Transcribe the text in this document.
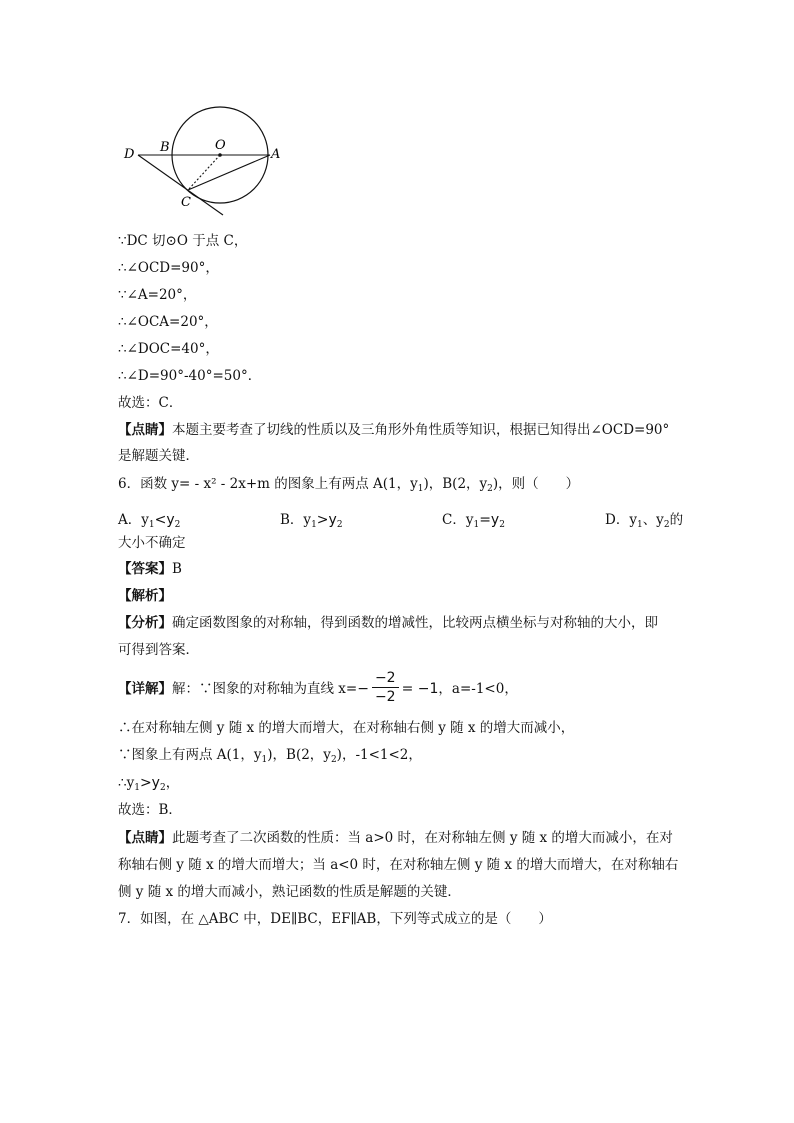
D B	O
A
C
∵DC 切⊙O 于点 C，
∴∠OCD=90°，
∵∠A=20°，
∴∠OCA=20°，
∴∠DOC=40°，
∴∠D=90°-40°=50°．
故选：C．
【点睛】本题主要考查了切线的性质以及三角形外角性质等知识，根据已知得出∠OCD=90°
是解题关键．
6．函数 y= - x² - 2x+m 的图象上有两点 A(1，$y_1$)，B(2，$y_2$)，则（　　）
A．$y_1<y_2$	B．$y_1>y_2$	C．$y_1=y_2$	D．$y_1$、$y_2$的
大小不确定
【答案】B
【解析】
【分析】确定函数图象的对称轴，得到函数的增减性，比较两点横坐标与对称轴的大小，即
可得到答案．
【详解】解：∵图象的对称轴为直线 $x=- \frac{-2}{-2} = -1$，a=-1<0，
∴在对称轴左侧 y 随 x 的增大而增大，在对称轴右侧 y 随 x 的增大而减小，
∵图象上有两点 A(1，$y_1$)，B(2，$y_2$)，-1<1<2，
$\therefore y_1>y_2$，
故选：B．
【点睛】此题考查了二次函数的性质：当 a>0 时，在对称轴左侧 y 随 x 的增大而减小，在对
称轴右侧 y 随 x 的增大而增大；当 a<0 时，在对称轴左侧 y 随 x 的增大而增大，在对称轴右
侧 y 随 x 的增大而减小，熟记函数的性质是解题的关键．
7．如图，在 △ABC 中，DE∥BC，EF∥AB，下列等式成立的是（　　）
